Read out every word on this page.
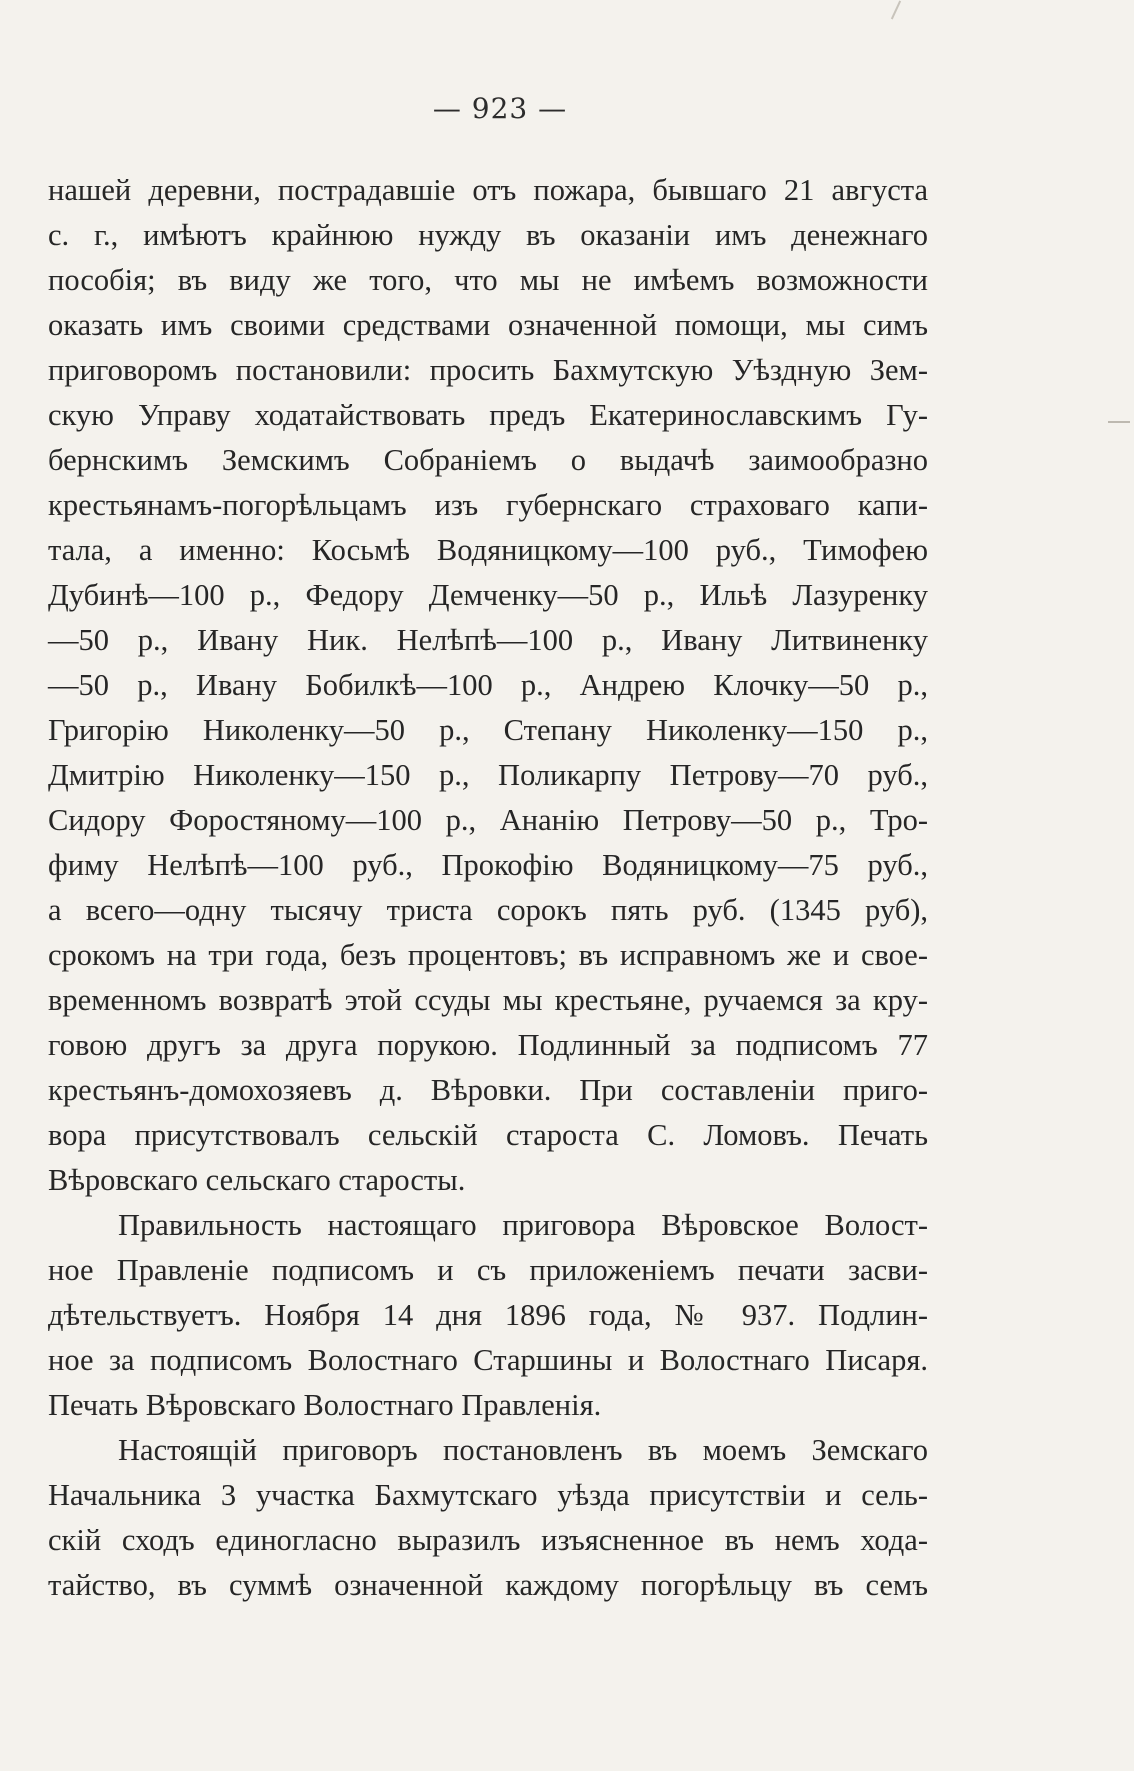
— 923 —
нашей деревни, пострадавшіе отъ пожара, бывшаго 21 августа
с. г., имѣютъ крайнюю нужду въ оказаніи имъ денежнаго
пособія; въ виду же того, что мы не имѣемъ возможности
оказать имъ своими средствами означенной помощи, мы симъ
приговоромъ постановили: просить Бахмутскую Уѣздную Зем-
скую Управу ходатайствовать предъ Екатеринославскимъ Гу-
бернскимъ Земскимъ Собраніемъ о выдачѣ заимообразно
крестьянамъ-погорѣльцамъ изъ губернскаго страховаго капи-
тала, а именно: Косьмѣ Водяницкому—100 руб., Тимофею
Дубинѣ—100 р., Федору Демченку—50 р., Ильѣ Лазуренку
—50 р., Ивану Ник. Нелѣпѣ—100 р., Ивану Литвиненку
—50 р., Ивану Бобилкѣ—100 р., Андрею Клочку—50 р.,
Григорію Николенку—50 р., Степану Николенку—150 р.,
Дмитрію Николенку—150 р., Поликарпу Петрову—70 руб.,
Сидору Форостяному—100 р., Ананію Петрову—50 р., Тро-
фиму Нелѣпѣ—100 руб., Прокофію Водяницкому—75 руб.,
а всего—одну тысячу триста сорокъ пять руб. (1345 руб),
срокомъ на три года, безъ процентовъ; въ исправномъ же и свое-
временномъ возвратѣ этой ссуды мы крестьяне, ручаемся за кру-
говою другъ за друга порукою. Подлинный за подписомъ 77
крестьянъ-домохозяевъ д. Вѣровки. При составленіи приго-
вора присутствовалъ сельскій староста С. Ломовъ. Печать
Вѣровскаго сельскаго старосты.
Правильность настоящаго приговора Вѣровское Волост-
ное Правленіе подписомъ и съ приложеніемъ печати засви-
дѣтельствуетъ. Ноября 14 дня 1896 года, № 937. Подлин-
ное за подписомъ Волостнаго Старшины и Волостнаго Писаря.
Печать Вѣровскаго Волостнаго Правленія.
Настоящій приговоръ постановленъ въ моемъ Земскаго
Начальника 3 участка Бахмутскаго уѣзда присутствіи и сель-
скій сходъ единогласно выразилъ изъясненное въ немъ хода-
тайство, въ суммѣ означенной каждому погорѣльцу въ семъ
